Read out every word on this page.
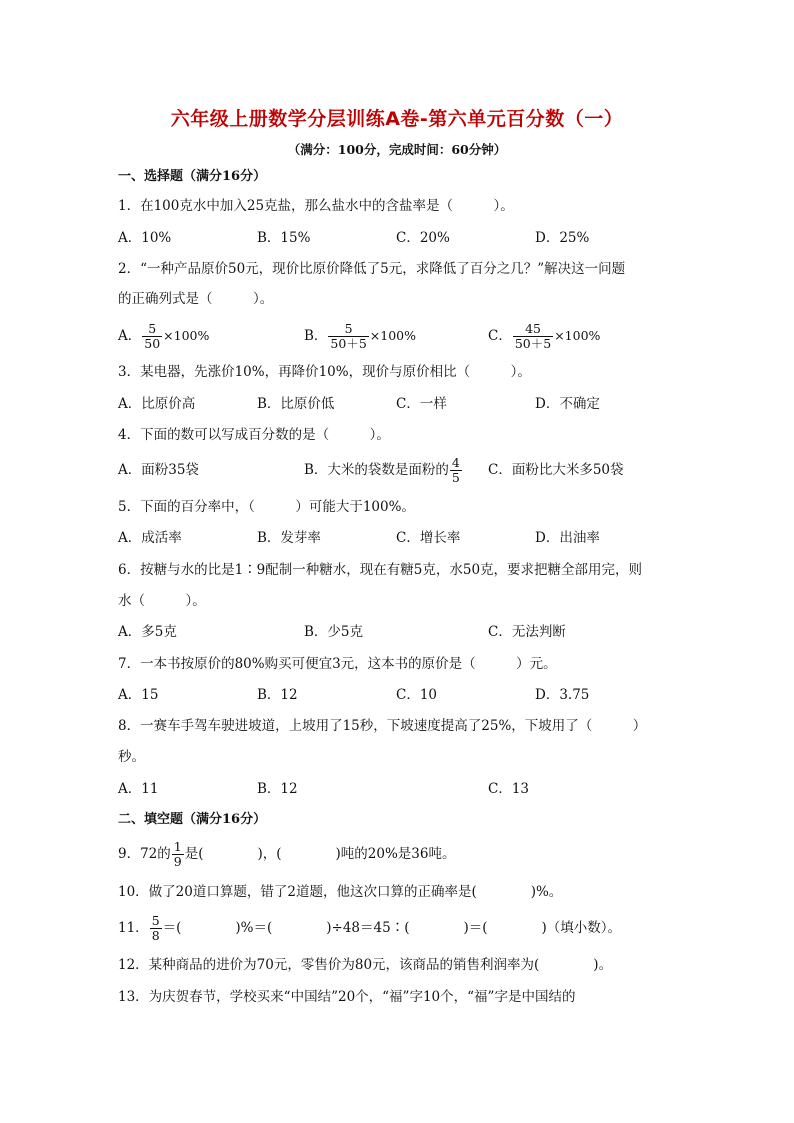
六年级上册数学分层训练A卷-第六单元百分数（一）
（满分：100分，完成时间：60分钟）
一、选择题（满分16分）
1．在100克水中加入25克盐，那么盐水中的含盐率是（　　　）。
A．10%	B．15%	C．20%	D．25%
2．“一种产品原价50元，现价比原价降低了5元，求降低了百分之几？”解决这一问题
的正确列式是（　　　）。
A． $\frac{5}{50} \times 100\%$	B． $\frac{5}{50+5} \times 100\%$	C． $\frac{45}{50+5} \times 100\%$
3．某电器，先涨价10%，再降价10%，现价与原价相比（　　　）。
A．比原价高	B．比原价低	C．一样	D．不确定
4．下面的数可以写成百分数的是（　　　）。
A．面粉35袋	B．大米的袋数是面粉的 $\frac{4}{5}$ C．面粉比大米多50袋
5．下面的百分率中，（　　　）可能大于100%。
A．成活率	B．发芽率	C．增长率	D．出油率
6．按糖与水的比是1∶9配制一种糖水，现在有糖5克，水50克，要求把糖全部用完，则
水（　　　）。
A．多5克	B．少5克	C．无法判断
7．一本书按原价的80%购买可便宜3元，这本书的原价是（　　　）元。
A．15	B．12	C．10	D．3.75
8．一赛车手驾车驶进坡道，上坡用了15秒，下坡速度提高了25%，下坡用了（　　　）
秒。
A．11	B．12	C．13
二、填空题（满分16分）
9．72的 $\frac{1}{9}$ 是(　　　　)，(　　　　)吨的20%是36吨。
10．做了20道口算题，错了2道题，他这次口算的正确率是(　　　　)%。
11． $\frac{5}{8}$ ＝(　　　　)%＝(　　　　)÷48＝45∶(　　　　)＝(　　　　)（填小数）。
12．某种商品的进价为70元，零售价为80元，该商品的销售利润率为(　　　　)。
13．为庆贺春节，学校买来“中国结”20个，“福”字10个，“福”字是中国结的
